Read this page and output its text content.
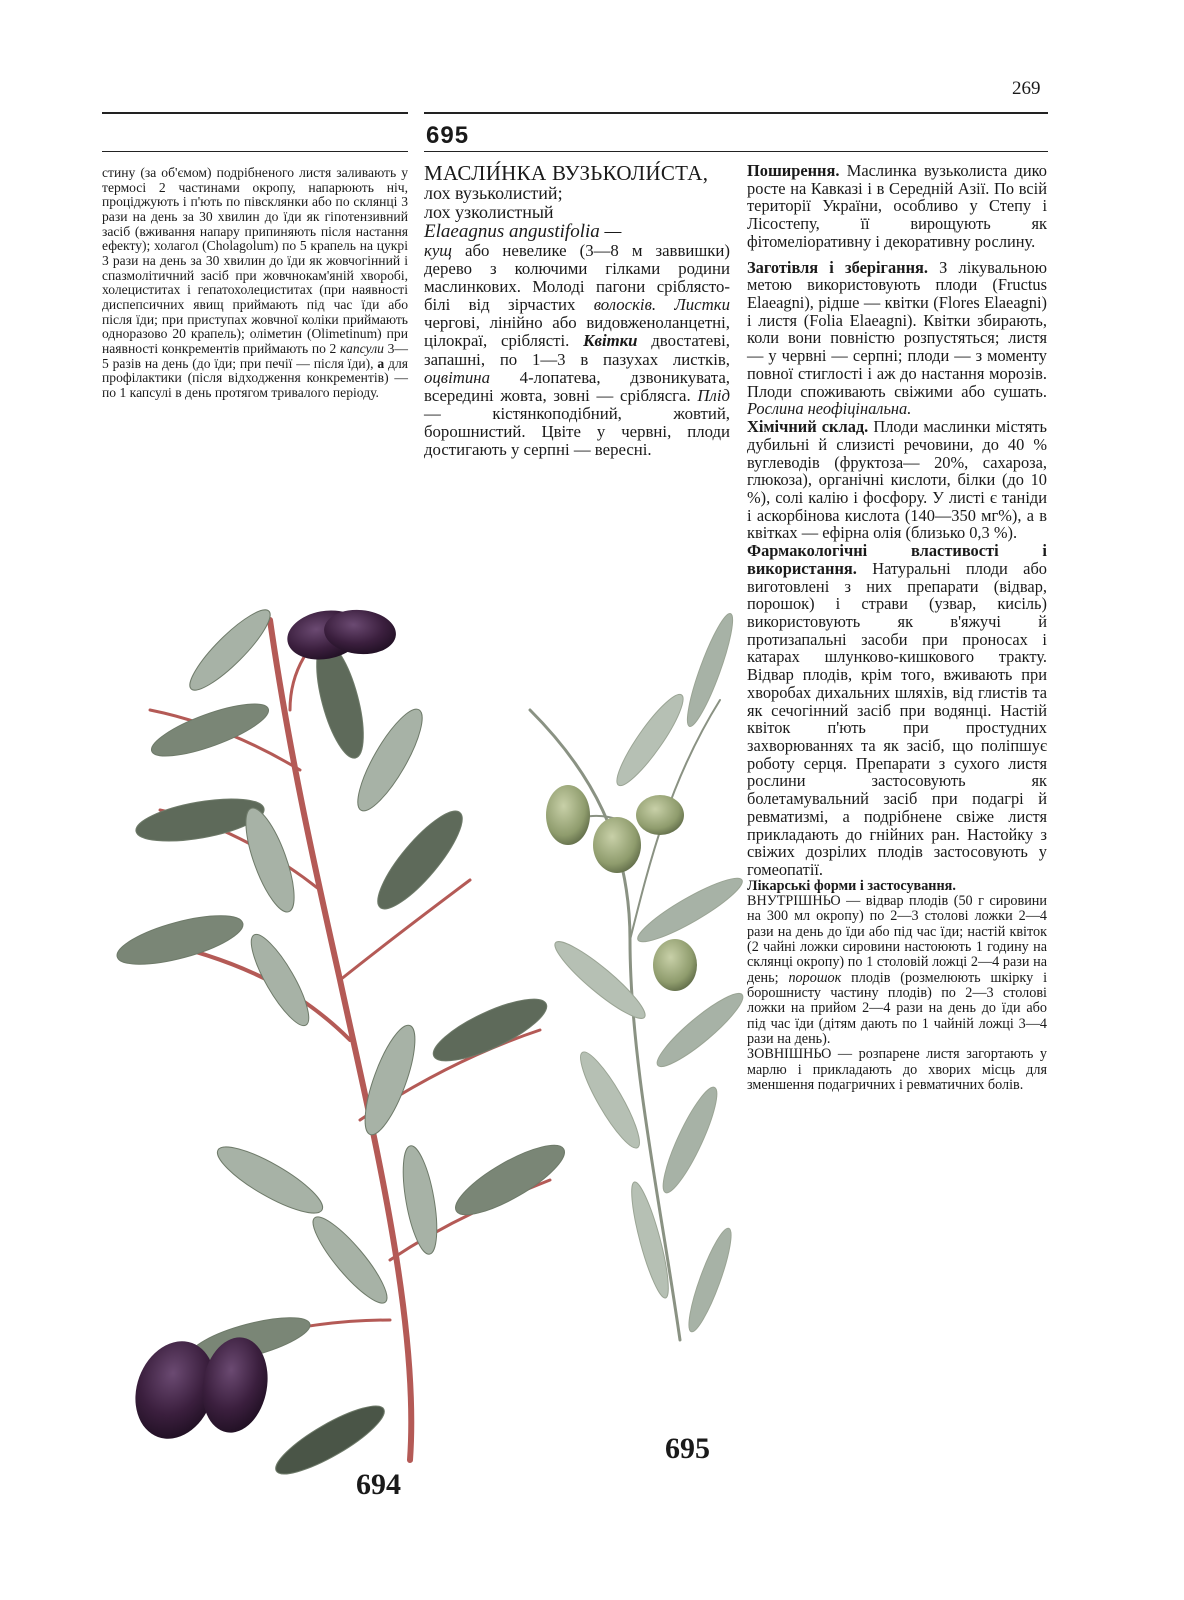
269
695

стину (за об'ємом) подрібненого листя заливають у термосі 2 частинами окропу, напарюють ніч, проціджують і п'ють по півсклянки або по склянці 3 рази на день за 30 хвилин до їди як гіпотензивний засіб (вживання напару припиняють після настання ефекту); холагол (Cholagolum) по 5 крапель на цукрі 3 рази на день за 30 хвилин до їди як жовчогінний і спазмолітичний засіб при жовчнокам'яній хворобі, холециститах і гепатохолециститах (при наявності диспепсичних явищ приймають під час їди або після їди; при приступах жовчної коліки приймають одноразово 20 крапель); оліметин (Olimetinum) при наявності конкрементів приймають по 2 капсули 3—5 разів на день (до їди; при печії — після їди), а для профілактики (після відходження конкрементів) — по 1 капсулі в день протягом тривалого періоду.

МАСЛИ́НКА ВУЗЬКОЛИ́СТА,
лох вузьколистий;
лох узколистный
Elaeagnus angustifolia —

кущ або невелике (3—8 м заввишки) дерево з колючими гілками родини маслинкових. Молоді пагони сріблясто-білі від зірчастих волосків. Листки чергові, лінійно або видовженоланцетні, цілокраї, сріблясті. Квітки двостатеві, запашні, по 1—3 в пазухах листків, оцвітина 4-лопатева, дзвоникувата, всередині жовта, зовні — сріблясга. Плід — кістянкоподібний, жовтий, борошнистий. Цвіте у червні, плоди достигають у серпні — вересні.

Поширення. Маслинка вузьколиста дико росте на Кавказі і в Середній Азії. По всій території України, особливо у Степу і Лісостепу, її вирощують як фітомеліоративну і декоративну рослину.

Заготівля і зберігання. З лікувальною метою використовують плоди (Fructus Elaeagni), рідше — квітки (Flores Elaeagni) і листя (Folia Elaeagni). Квітки збирають, коли вони повністю розпустяться; листя — у червні — серпні; плоди — з моменту повної стиглості і аж до настання морозів. Плоди споживають свіжими або сушать. Рослина неофіцінальна.

Хімічний склад. Плоди маслинки містять дубильні й слизисті речовини, до 40 % вуглеводів (фруктоза— 20%, сахароза, глюкоза), органічні кислоти, білки (до 10 %), солі калію і фосфору. У листі є таніди і аскорбінова кислота (140—350 мг%), а в квітках — ефірна олія (близько 0,3 %).

Фармакологічні властивості і використання. Натуральні плоди або виготовлені з них препарати (відвар, порошок) і страви (узвар, кисіль) використовують як в'яжучі й протизапальні засоби при проносах і катарах шлунково-кишкового тракту. Відвар плодів, крім того, вживають при хворобах дихальних шляхів, від глистів та як сечогінний засіб при водянці. Настій квіток п'ють при простудних захворюваннях та як засіб, що поліпшує роботу серця. Препарати з сухого листя рослини застосовують як болетамувальний засіб при подагрі й ревматизмі, а подрібнене свіже листя прикладають до гнійних ран. Настойку з свіжих дозрілих плодів застосовують у гомеопатії.

Лікарські форми і застосування.

ВНУТРІШНЬО — відвар плодів (50 г сировини на 300 мл окропу) по 2—3 столові ложки 2—4 рази на день до їди або під час їди; настій квіток (2 чайні ложки сировини настоюють 1 годину на склянці окропу) по 1 столовій ложці 2—4 рази на день; порошок плодів (розмелюють шкірку і борошнисту частину плодів) по 2—3 столові ложки на прийом 2—4 рази на день до їди або під час їди (дітям дають по 1 чайній ложці 3—4 рази на день).

ЗОВНІШНЬО — розпарене листя загортають у марлю і прикладають до хворих місць для зменшення подагричних і ревматичних болів.

694
695
